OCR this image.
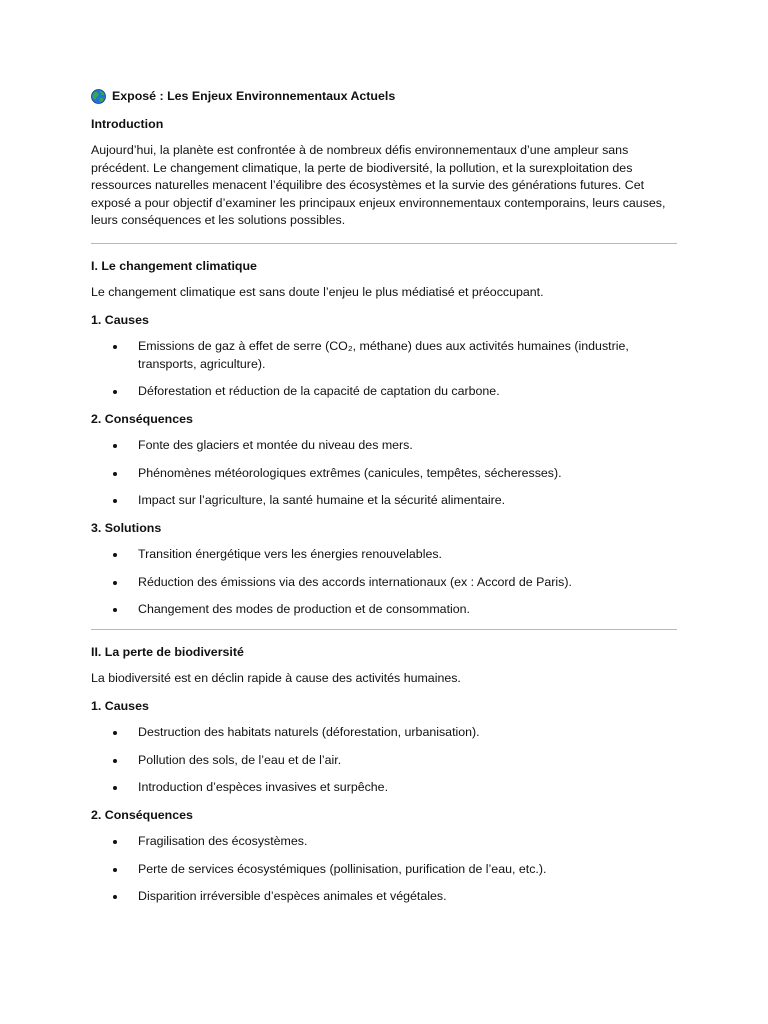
Exposé : Les Enjeux Environnementaux Actuels
Introduction

Aujourd’hui, la planète est confrontée à de nombreux défis environnementaux d’une ampleur sans précédent. Le changement climatique, la perte de biodiversité, la pollution, et la surexploitation des ressources naturelles menacent l’équilibre des écosystèmes et la survie des générations futures. Cet exposé a pour objectif d’examiner les principaux enjeux environnementaux contemporains, leurs causes, leurs conséquences et les solutions possibles.

I. Le changement climatique

Le changement climatique est sans doute l’enjeu le plus médiatisé et préoccupant.

1. Causes
Emissions de gaz à effet de serre (CO₂, méthane) dues aux activités humaines (industrie, transports, agriculture).
Déforestation et réduction de la capacité de captation du carbone.
2. Conséquences
Fonte des glaciers et montée du niveau des mers.
Phénomènes météorologiques extrêmes (canicules, tempêtes, sécheresses).
Impact sur l’agriculture, la santé humaine et la sécurité alimentaire.
3. Solutions
Transition énergétique vers les énergies renouvelables.
Réduction des émissions via des accords internationaux (ex : Accord de Paris).
Changement des modes de production et de consommation.
II. La perte de biodiversité

La biodiversité est en déclin rapide à cause des activités humaines.

1. Causes
Destruction des habitats naturels (déforestation, urbanisation).
Pollution des sols, de l’eau et de l’air.
Introduction d’espèces invasives et surpêche.
2. Conséquences
Fragilisation des écosystèmes.
Perte de services écosystémiques (pollinisation, purification de l’eau, etc.).
Disparition irréversible d’espèces animales et végétales.
